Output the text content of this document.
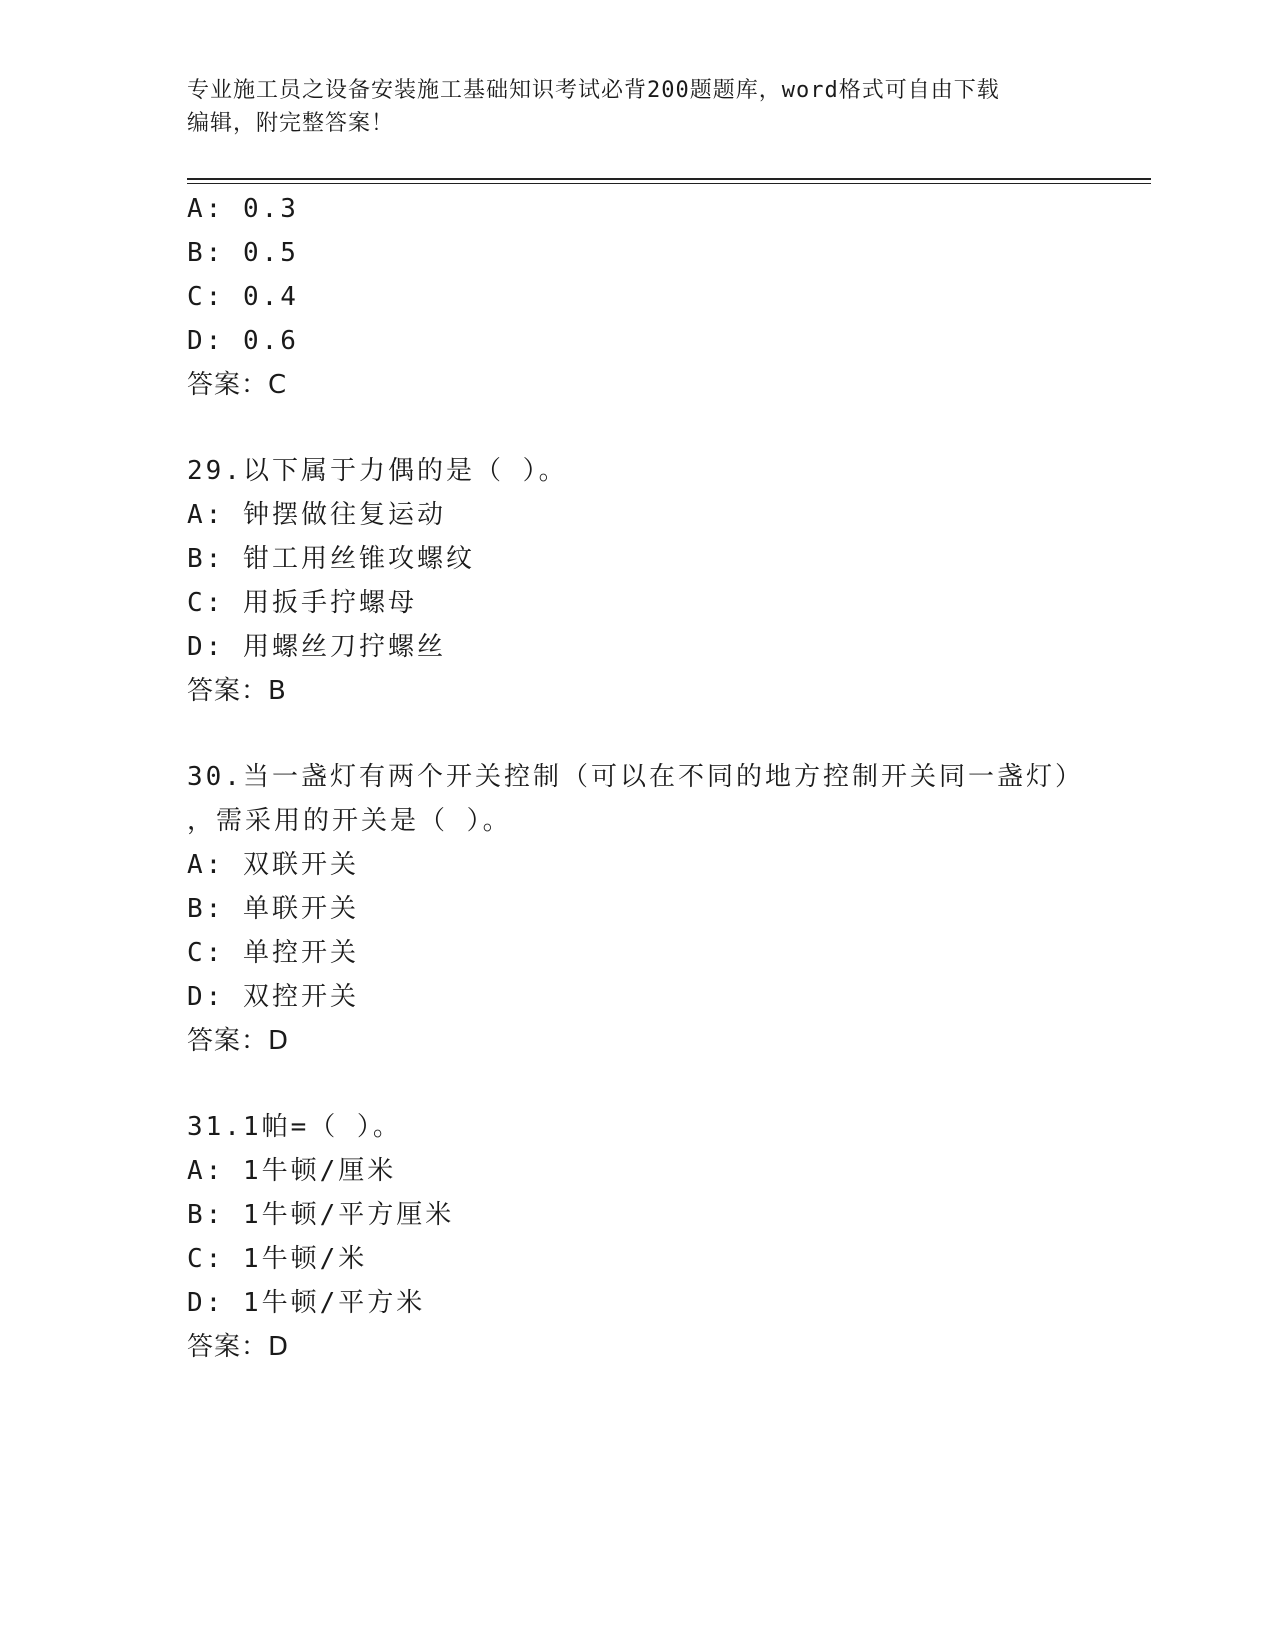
专业施工员之设备安装施工基础知识考试必背200题题库，word格式可自由下载
编辑，附完整答案！
A: 0.3
B: 0.5
C: 0.4
D: 0.6
答案：C
29.以下属于力偶的是（ ）。
A: 钟摆做往复运动
B: 钳工用丝锥攻螺纹
C: 用扳手拧螺母
D: 用螺丝刀拧螺丝
答案：B
30.当一盏灯有两个开关控制（可以在不同的地方控制开关同一盏灯）
，需采用的开关是（ ）。
A: 双联开关
B: 单联开关
C: 单控开关
D: 双控开关
答案：D
31.1帕=（ ）。
A: 1牛顿/厘米
B: 1牛顿/平方厘米
C: 1牛顿/米
D: 1牛顿/平方米
答案：D
